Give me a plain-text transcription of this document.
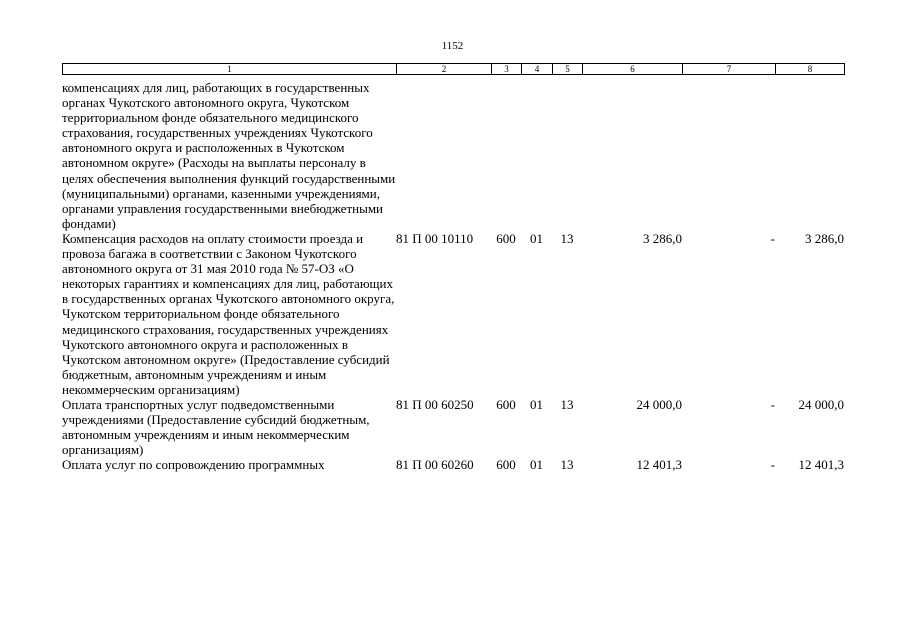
1152
1	2	3	4	5	6	7	8
компенсациях для лиц, работающих в государственных органах Чукотского автономного округа, Чукотском территориальном фонде обязательного медицинского страхования, государственных учреждениях Чукотского автономного округа и расположенных в Чукотском автономном округе» (Расходы на выплаты персоналу в целях обеспечения выполнения функций государственными (муниципальными) органами, казенными учреждениями, органами управления государственными внебюджетными фондами)							
Компенсация расходов на оплату стоимости проезда и провоза багажа в соответствии с Законом Чукотского автономного округа от 31 мая 2010 года № 57-ОЗ «О некоторых гарантиях и компенсациях для лиц, работающих в государственных органах Чукотского автономного округа, Чукотском территориальном фонде обязательного медицинского страхования, государственных учреждениях Чукотского автономного округа и расположенных в Чукотском автономном округе» (Предоставление субсидий бюджетным, автономным учреждениям и иным некоммерческим организациям)	81 П 00 10110	600	01	13	3 286,0	-	3 286,0
Оплата транспортных услуг подведомственными учреждениями (Предоставление субсидий бюджетным, автономным учреждениям и иным некоммерческим организациям)	81 П 00 60250	600	01	13	24 000,0	-	24 000,0
Оплата услуг по сопровождению программных	81 П 00 60260	600	01	13	12 401,3	-	12 401,3
